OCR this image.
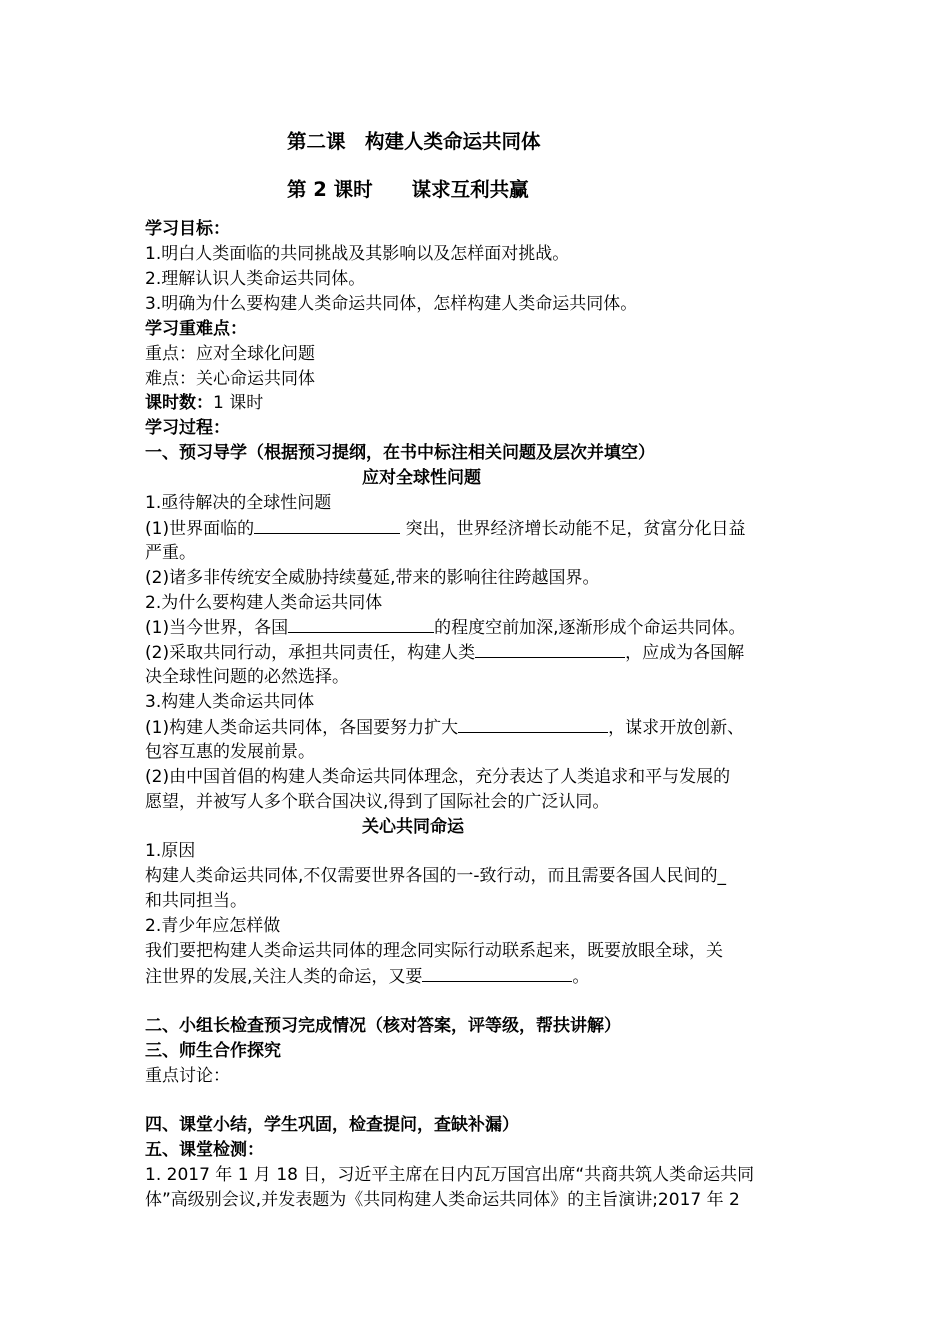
第二课　构建人类命运共同体
第 2 课时　　谋求互利共赢
学习目标：
1.明白人类面临的共同挑战及其影响以及怎样面对挑战。
2.理解认识人类命运共同体。
3.明确为什么要构建人类命运共同体，怎样构建人类命运共同体。
学习重难点：
重点：应对全球化问题
难点：关心命运共同体
课时数：1 课时
学习过程：
一、预习导学（根据预习提纲，在书中标注相关问题及层次并填空）
应对全球性问题
1.亟待解决的全球性问题
(1)世界面临的	突出，世界经济增长动能不足，贫富分化日益
严重。
(2)诸多非传统安全威胁持续蔓延,带来的影响往往跨越国界。
2.为什么要构建人类命运共同体
(1)当今世界，各国	的程度空前加深,逐渐形成个命运共同体。
(2)采取共同行动，承担共同责任，构建人类	，应成为各国解
决全球性问题的必然选择。
3.构建人类命运共同体
(1)构建人类命运共同体，各国要努力扩大	，谋求开放创新、
包容互惠的发展前景。
(2)由中国首倡的构建人类命运共同体理念，充分表达了人类追求和平与发展的
愿望，并被写人多个联合国决议,得到了国际社会的广泛认同。
关心共同命运
1.原因
构建人类命运共同体,不仅需要世界各国的一-致行动，而且需要各国人民间的_
和共同担当。
2.青少年应怎样做
我们要把构建人类命运共同体的理念同实际行动联系起来，既要放眼全球，关
注世界的发展,关注人类的命运，又要	。
二、小组长检查预习完成情况（核对答案，评等级，帮扶讲解）
三、师生合作探究
重点讨论：
四、课堂小结，学生巩固，检查提问，查缺补漏）
五、课堂检测：
1. 2017 年 1 月 18 日，习近平主席在日内瓦万国宫出席“共商共筑人类命运共同
体”高级别会议,并发表题为《共同构建人类命运共同体》的主旨演讲;2017 年 2
